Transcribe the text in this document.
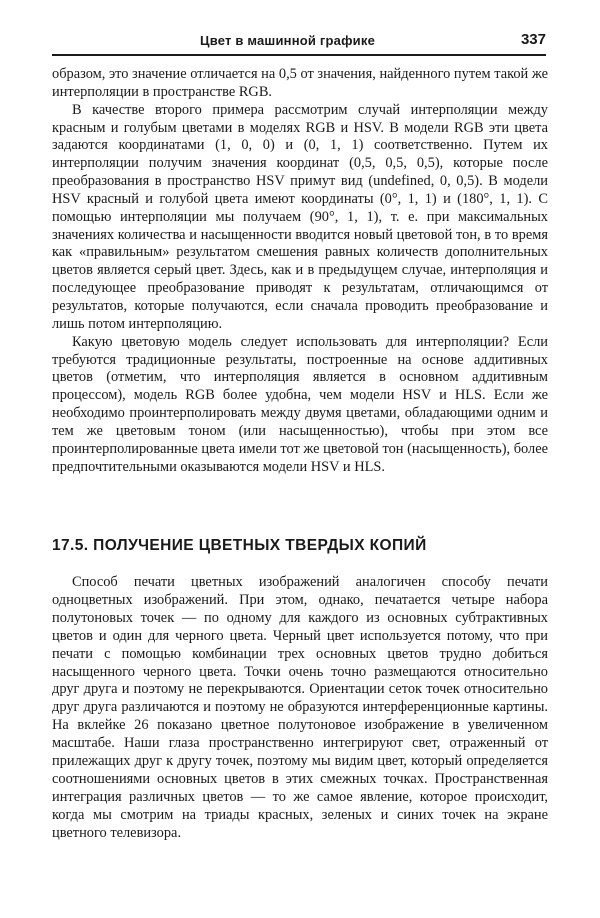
Цвет в машинной графике	337

образом, это значение отличается на 0,5 от значения, найденного путем такой же интерполяции в пространстве RGB.

В качестве второго примера рассмотрим случай интерполяции между красным и голубым цветами в моделях RGB и HSV. В модели RGB эти цвета задаются координатами (1, 0, 0) и (0, 1, 1) соответственно. Путем их интерполяции получим значения координат (0,5, 0,5, 0,5), которые после преобразования в пространство HSV примут вид (undefined, 0, 0,5). В модели HSV красный и голубой цвета имеют координаты (0°, 1, 1) и (180°, 1, 1). С помощью интерполяции мы получаем (90°, 1, 1), т. е. при максимальных значениях количества и насыщенности вводится новый цветовой тон, в то время как «правильным» результатом смешения равных количеств дополнительных цветов является серый цвет. Здесь, как и в предыдущем случае, интерполяция и последующее преобразование приводят к результатам, отличающимся от результатов, которые получаются, если сначала проводить преобразование и лишь потом интерполяцию.

Какую цветовую модель следует использовать для интерполяции? Если требуются традиционные результаты, построенные на основе аддитивных цветов (отметим, что интерполяция является в основном аддитивным процессом), модель RGB более удобна, чем модели HSV и HLS. Если же необходимо проинтерполировать между двумя цветами, обладающими одним и тем же цветовым тоном (или насыщенностью), чтобы при этом все проинтерполированные цвета имели тот же цветовой тон (насыщенность), более предпочтительными оказываются модели HSV и HLS.

17.5. ПОЛУЧЕНИЕ ЦВЕТНЫХ ТВЕРДЫХ КОПИЙ

Способ печати цветных изображений аналогичен способу печати одноцветных изображений. При этом, однако, печатается четыре набора полутоновых точек — по одному для каждого из основных субтрактивных цветов и один для черного цвета. Черный цвет используется потому, что при печати с помощью комбинации трех основных цветов трудно добиться насыщенного черного цвета. Точки очень точно размещаются относительно друг друга и поэтому не перекрываются. Ориентации сеток точек относительно друг друга различаются и поэтому не образуются интерференционные картины. На вклейке 26 показано цветное полутоновое изображение в увеличенном масштабе. Наши глаза пространственно интегрируют свет, отраженный от прилежащих друг к другу точек, поэтому мы видим цвет, который определяется соотношениями основных цветов в этих смежных точках. Пространственная интеграция различных цветов — то же самое явление, которое происходит, когда мы смотрим на триады красных, зеленых и синих точек на экране цветного телевизора.
